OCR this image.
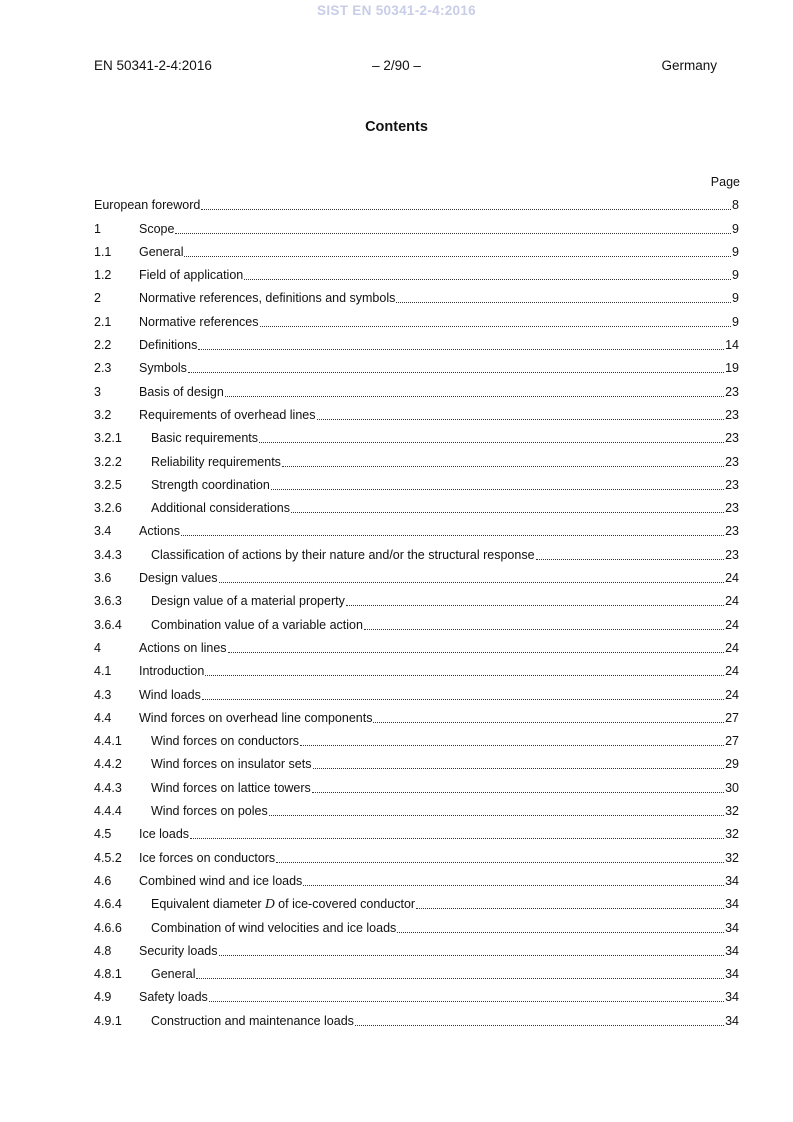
SIST EN 50341-2-4:2016
EN 50341-2-4:2016	– 2/90 –	Germany
Contents
Page
European foreword	8
1	Scope	9
1.1	General	9
1.2	Field of application	9
2	Normative references, definitions and symbols	9
2.1	Normative references	9
2.2	Definitions	14
2.3	Symbols	19
3	Basis of design	23
3.2	Requirements of overhead lines	23
3.2.1	Basic requirements	23
3.2.2	Reliability requirements	23
3.2.5	Strength coordination	23
3.2.6	Additional considerations	23
3.4	Actions	23
3.4.3	Classification of actions by their nature and/or the structural response	23
3.6	Design values	24
3.6.3	Design value of a material property	24
3.6.4	Combination value of a variable action	24
4	Actions on lines	24
4.1	Introduction	24
4.3	Wind loads	24
4.4	Wind forces on overhead line components	27
4.4.1	Wind forces on conductors	27
4.4.2	Wind forces on insulator sets	29
4.4.3	Wind forces on lattice towers	30
4.4.4	Wind forces on poles	32
4.5	Ice loads	32
4.5.2	Ice forces on conductors	32
4.6	Combined wind and ice loads	34
4.6.4	Equivalent diameter D of ice-covered conductor	34
4.6.6	Combination of wind velocities and ice loads	34
4.8	Security loads	34
4.8.1	General	34
4.9	Safety loads	34
4.9.1	Construction and maintenance loads	34
